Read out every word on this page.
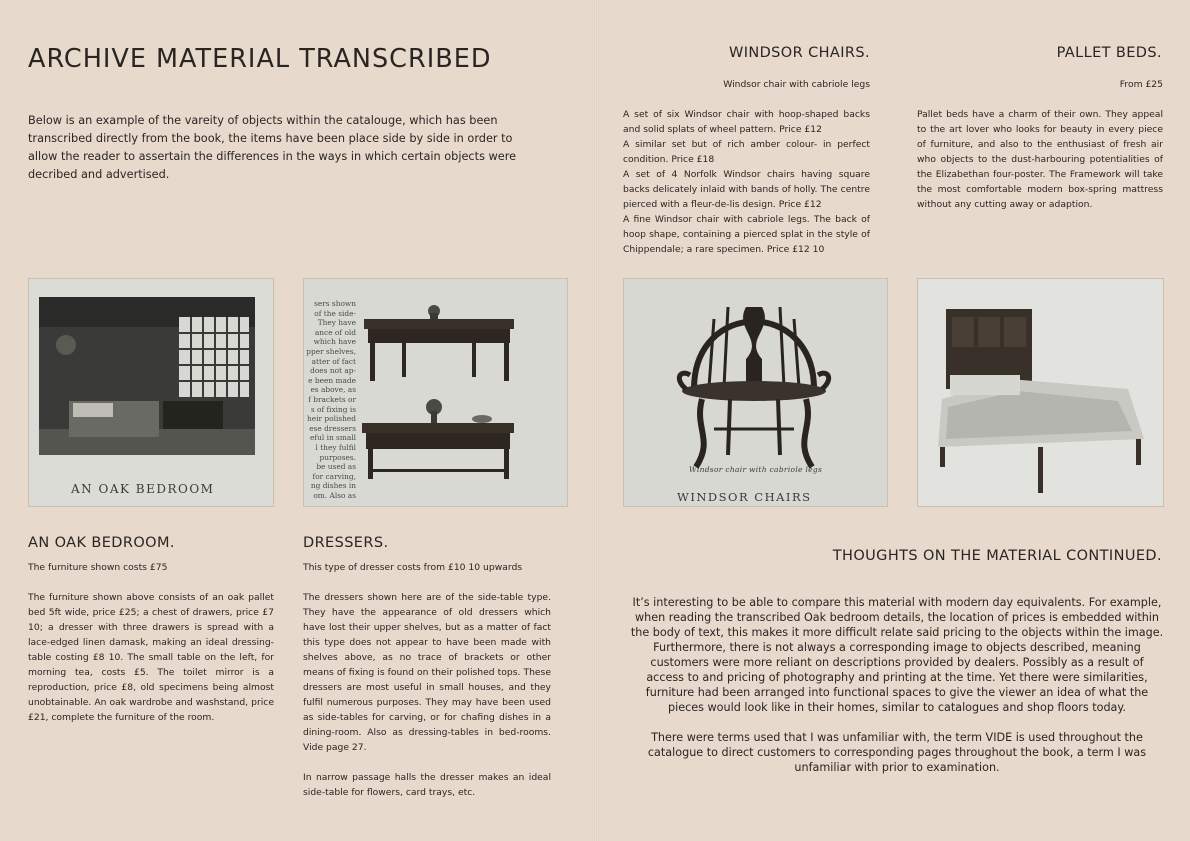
ARCHIVE MATERIAL TRANSCRIBED

Below is an example of the vareity of objects within the catalouge, which has been transcribed directly from the book, the items have been place side by side in order to allow the reader to assertain the differences in the ways in which certain objects were decribed and advertised.

AN OAK BEDROOM
sers shown
of the side-
They have
ance of old
which have
pper shelves,
atter of fact
does not ap-
e been made
es above, as
f brackets or
s of fixing is
heir polished
ese dressers
eful in small
l they fulfil
purposes.
be used as
for carving,
ng dishes in
om. Also as
AN OAK BEDROOM.

The furniture shown costs £75

The furniture shown above consists of an oak pallet bed 5ft wide, price £25; a chest of drawers, price £7 10; a dresser with three drawers is spread with a lace-edged linen damask, making an ideal dressing-table costing £8 10. The small table on the left, for morning tea, costs £5. The toilet mirror is a reproduction, price £8, old specimens being almost unobtainable. An oak wardrobe and washstand, price £21, complete the furniture of the room.

DRESSERS.

This type of dresser costs from £10 10 upwards

The dressers shown here are of the side-table type. They have the appearance of old dressers which have lost their upper shelves, but as a matter of fact this type does not appear to have been made with shelves above, as no trace of brackets or other means of fixing is found on their polished tops. These dressers are most useful in small houses, and they fulfil numerous purposes. They may have been used as side-tables for carving, or for chafing dishes in a dining-room. Also as dressing-tables in bed-rooms. Vide page 27.

In narrow passage halls the dresser makes an ideal side-table for flowers, card trays, etc.

WINDSOR CHAIRS.

Windsor chair with cabriole legs

A set of six Windsor chair with hoop-shaped backs and solid splats of wheel pattern. Price £12
A similar set but of rich amber colour- in perfect condition. Price £18
A set of 4 Norfolk Windsor chairs having square backs delicately inlaid with bands of holly. The centre pierced with a fleur-de-lis design. Price £12
A fine Windsor chair with cabriole legs. The back of hoop shape, containing a pierced splat in the style of Chippendale; a rare specimen. Price £12 10
PALLET BEDS.

From £25

Pallet beds have a charm of their own. They appeal to the art lover who looks for beauty in every piece of furniture, and also to the enthusiast of fresh air who objects to the dust-harbouring potentialities of the Elizabethan four-poster. The Framework will take the most comfortable modern box-spring mattress without any cutting away or adaption.

Windsor chair with cabriole legs
WINDSOR CHAIRS
THOUGHTS ON THE MATERIAL CONTINUED.

It’s interesting to be able to compare this material with modern day equivalents. For example, when reading the transcribed Oak bedroom details, the location of prices is embedded within the body of text, this makes it more difficult relate said pricing to the objects within the image. Furthermore, there is not always a corresponding image to objects described, meaning customers were more reliant on descriptions provided by dealers. Possibly as a result of access to and pricing of photography and printing at the time. Yet there were similarities, furniture had been arranged into functional spaces to give the viewer an idea of what the pieces would look like in their homes, similar to catalogues and shop floors today.

There were terms used that I was unfamiliar with, the term VIDE is used throughout the catalogue to direct customers to corresponding pages throughout the book, a term I was unfamiliar with prior to examination.
